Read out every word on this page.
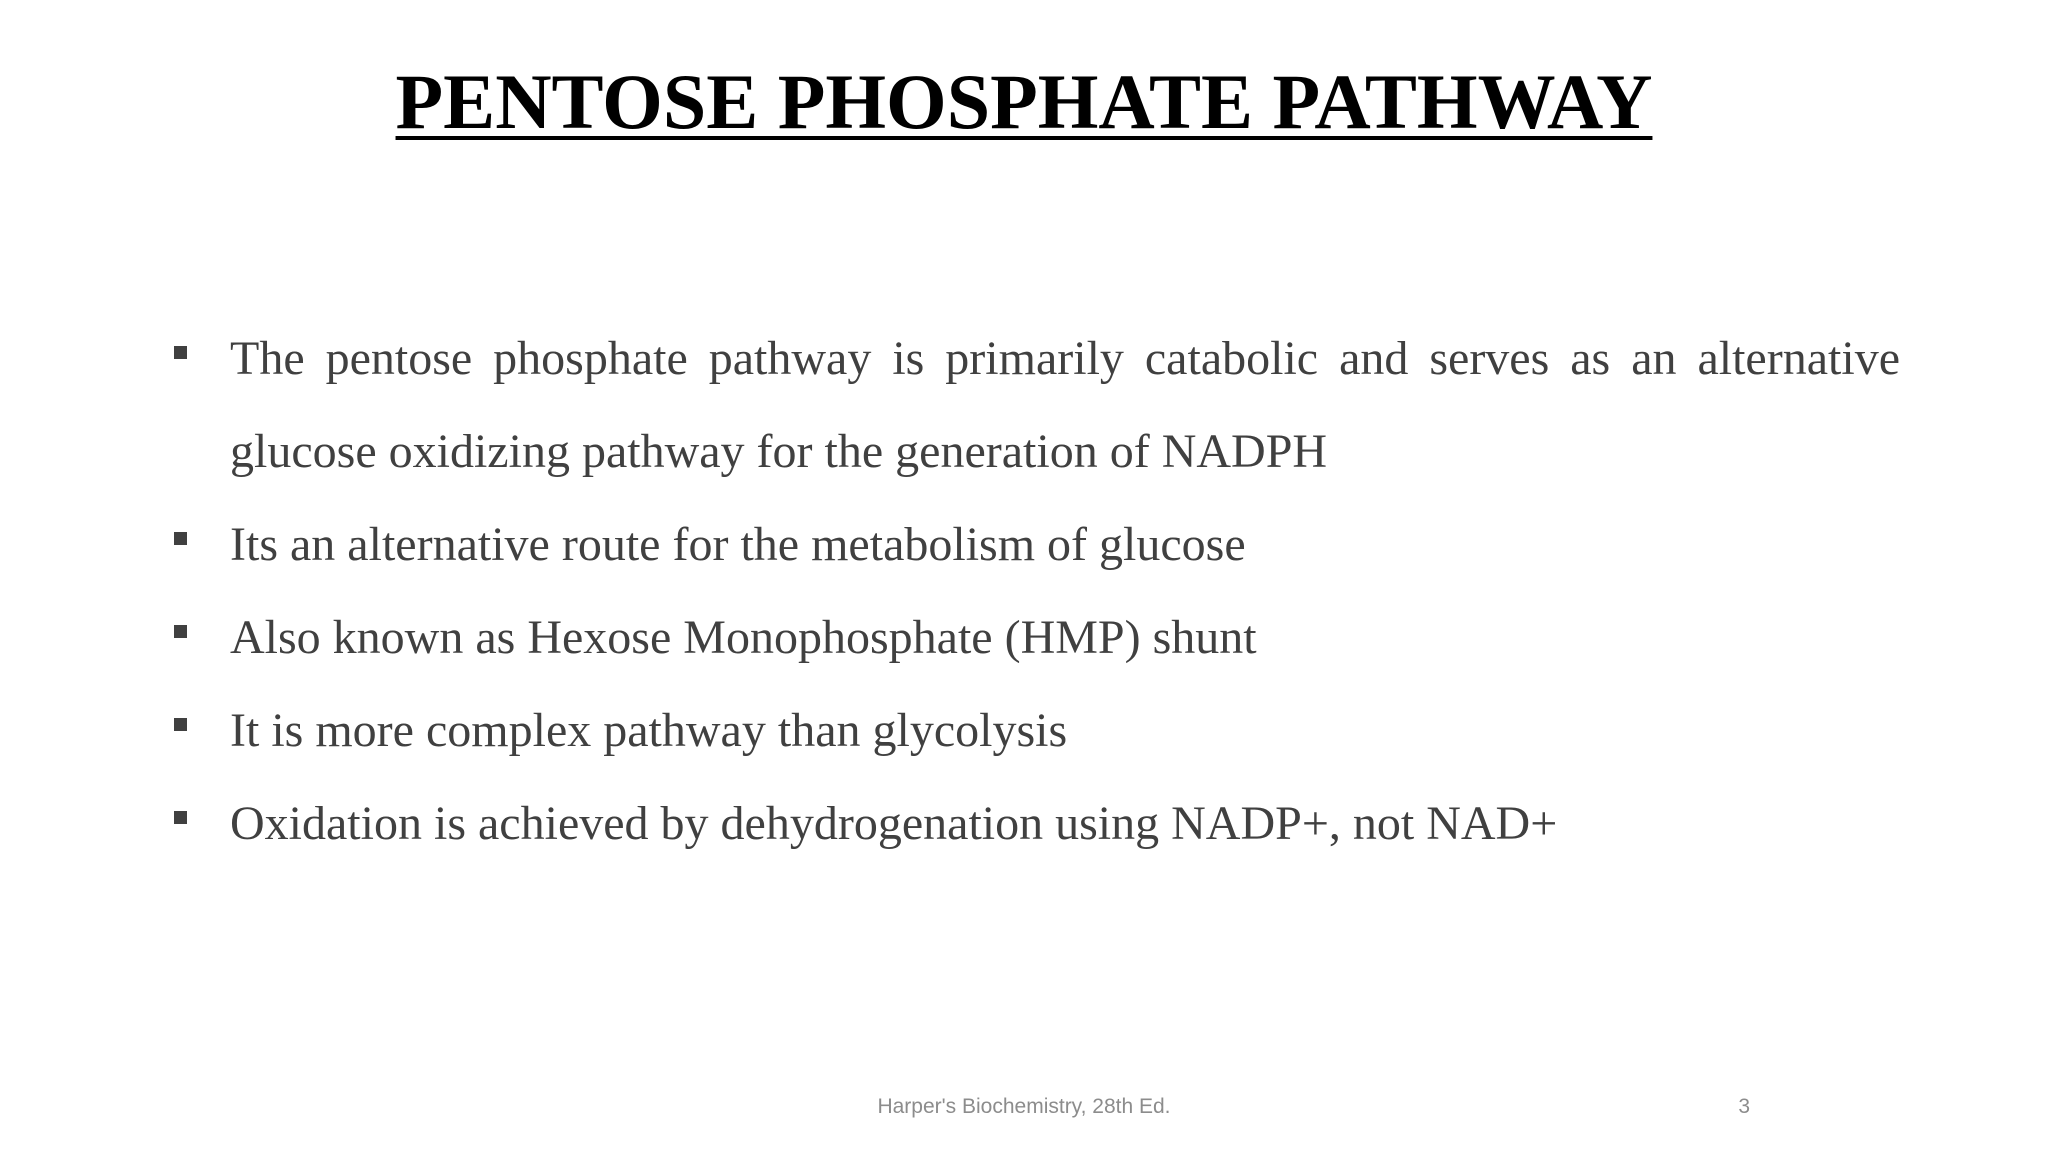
PENTOSE PHOSPHATE PATHWAY
The pentose phosphate pathway is primarily catabolic and serves as an alternative glucose oxidizing pathway for the generation of NADPH
Its an alternative route for the metabolism of glucose
Also known as Hexose Monophosphate (HMP) shunt
It is more complex pathway than glycolysis
Oxidation is achieved by dehydrogenation using NADP+, not NAD+
Harper's Biochemistry, 28th Ed.	3
